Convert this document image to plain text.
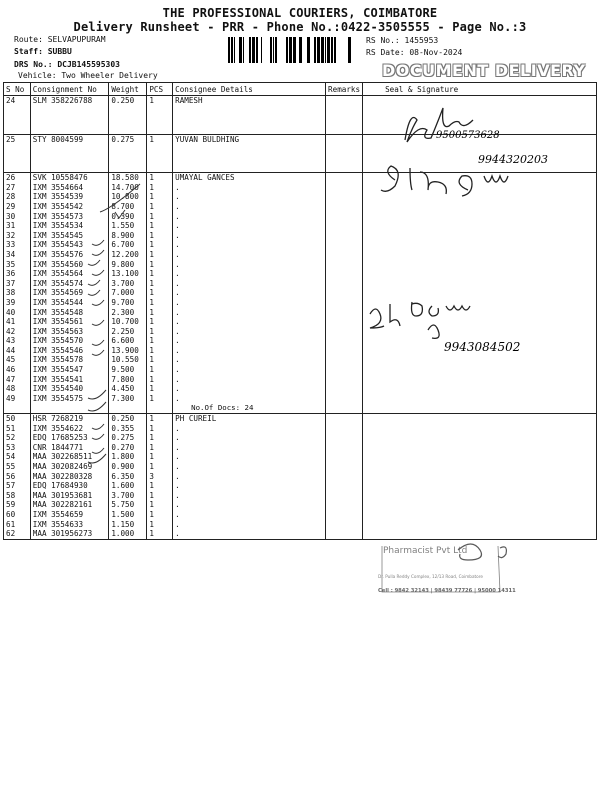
THE PROFESSIONAL COURIERS, COIMBATORE
Delivery Runsheet - PRR - Phone No.:0422-3505555 - Page No.:3
Route: SELVAPUPURAM
Staff: SUBBU
DRS No.: DCJB145595303
Vehicle: Two Wheeler Delivery
RS No.: 1455953
RS Date: 08-Nov-2024
DOCUMENT DELIVERY
S No	Consignment No	Weight	PCS	Consignee Details	Remarks	Seal & Signature
24	SLM 358226788	0.250	1	RAMESH		

25	STY 8004599	0.275	1	YUVAN BULDHING		

26	SVK 10558476	18.580	1	UMAYAL GANCES		

27	IXM 3554664	14.700	1	.		
28	IXM 3554539	10.800	1	.		
29	IXM 3554542	8.700	1	.		
30	IXM 3554573	0.390	1	.		
31	IXM 3554534	1.550	1	.		
32	IXM 3554545	8.900	1	.		
33	IXM 3554543	6.700	1	.		
34	IXM 3554576	12.200	1	.		
35	IXM 3554560	9.800	1	.		
36	IXM 3554564	13.100	1	.		
37	IXM 3554574	3.700	1	.		
38	IXM 3554569	7.000	1	.		
39	IXM 3554544	9.700	1	.		
40	IXM 3554548	2.300	1	.		
41	IXM 3554561	10.700	1	.		
42	IXM 3554563	2.250	1	.		
43	IXM 3554570	6.600	1	.		
44	IXM 3554546	13.900	1	.		
45	IXM 3554578	10.550	1	.		
46	IXM 3554547	9.500	1	.		
47	IXM 3554541	7.800	1	.		
48	IXM 3554540	4.450	1	.		
49	IXM 3554575	7.300	1	.		
				No.Of Docs: 24		
50	HSR 7268219	0.250	1	PH CUREIL		

51	IXM 3554622	0.355	1	.		
52	EDQ 17685253	0.275	1	.		
53	CNR 1844771	0.270	1	.		
54	MAA 302268511	1.800	1	.		
55	MAA 302082469	0.900	1	.		
56	MAA 302280328	6.350	3	.		
57	EDQ 17684930	1.600	1	.		
58	MAA 301953681	3.700	1	.		
59	MAA 302282161	5.750	1	.		
60	IXM 3554659	1.500	1	.		
61	IXM 3554633	1.150	1	.		
62	MAA 301956273	1.000	1	.		
9500573628
9944320203
9943084502
Pharmacist Pvt Ltd
Dr. Pulla Reddy Complex, 12/13 Road, Coimbatore
Cell : 9842 32143 | 98439 77726 | 95000 14311
Ashok
Sthan Gram
24 Box
